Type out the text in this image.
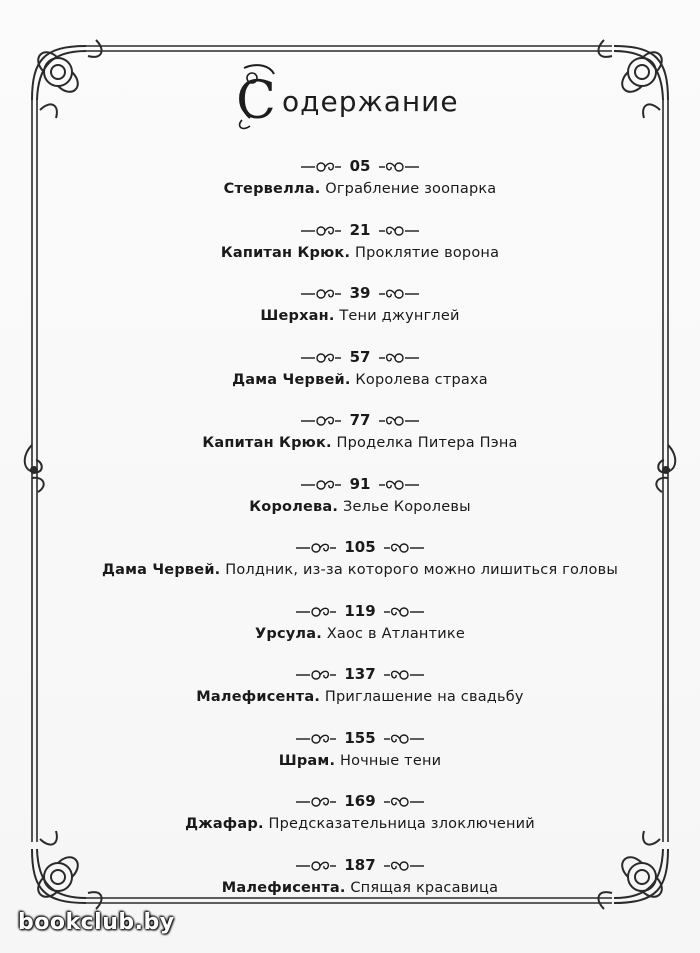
С одержание
05
Стервелла. Ограбление зоопарка
21
Капитан Крюк. Проклятие ворона
39
Шерхан. Тени джунглей
57
Дама Червей. Королева страха
77
Капитан Крюк. Проделка Питера Пэна
91
Королева. Зелье Королевы
105
Дама Червей. Полдник, из-за которого можно лишиться головы
119
Урсула. Хаос в Атлантике
137
Малефисента. Приглашение на свадьбу
155
Шрам. Ночные тени
169
Джафар. Предсказательница злоключений
187
Малефисента. Спящая красавица
bookclub.by
